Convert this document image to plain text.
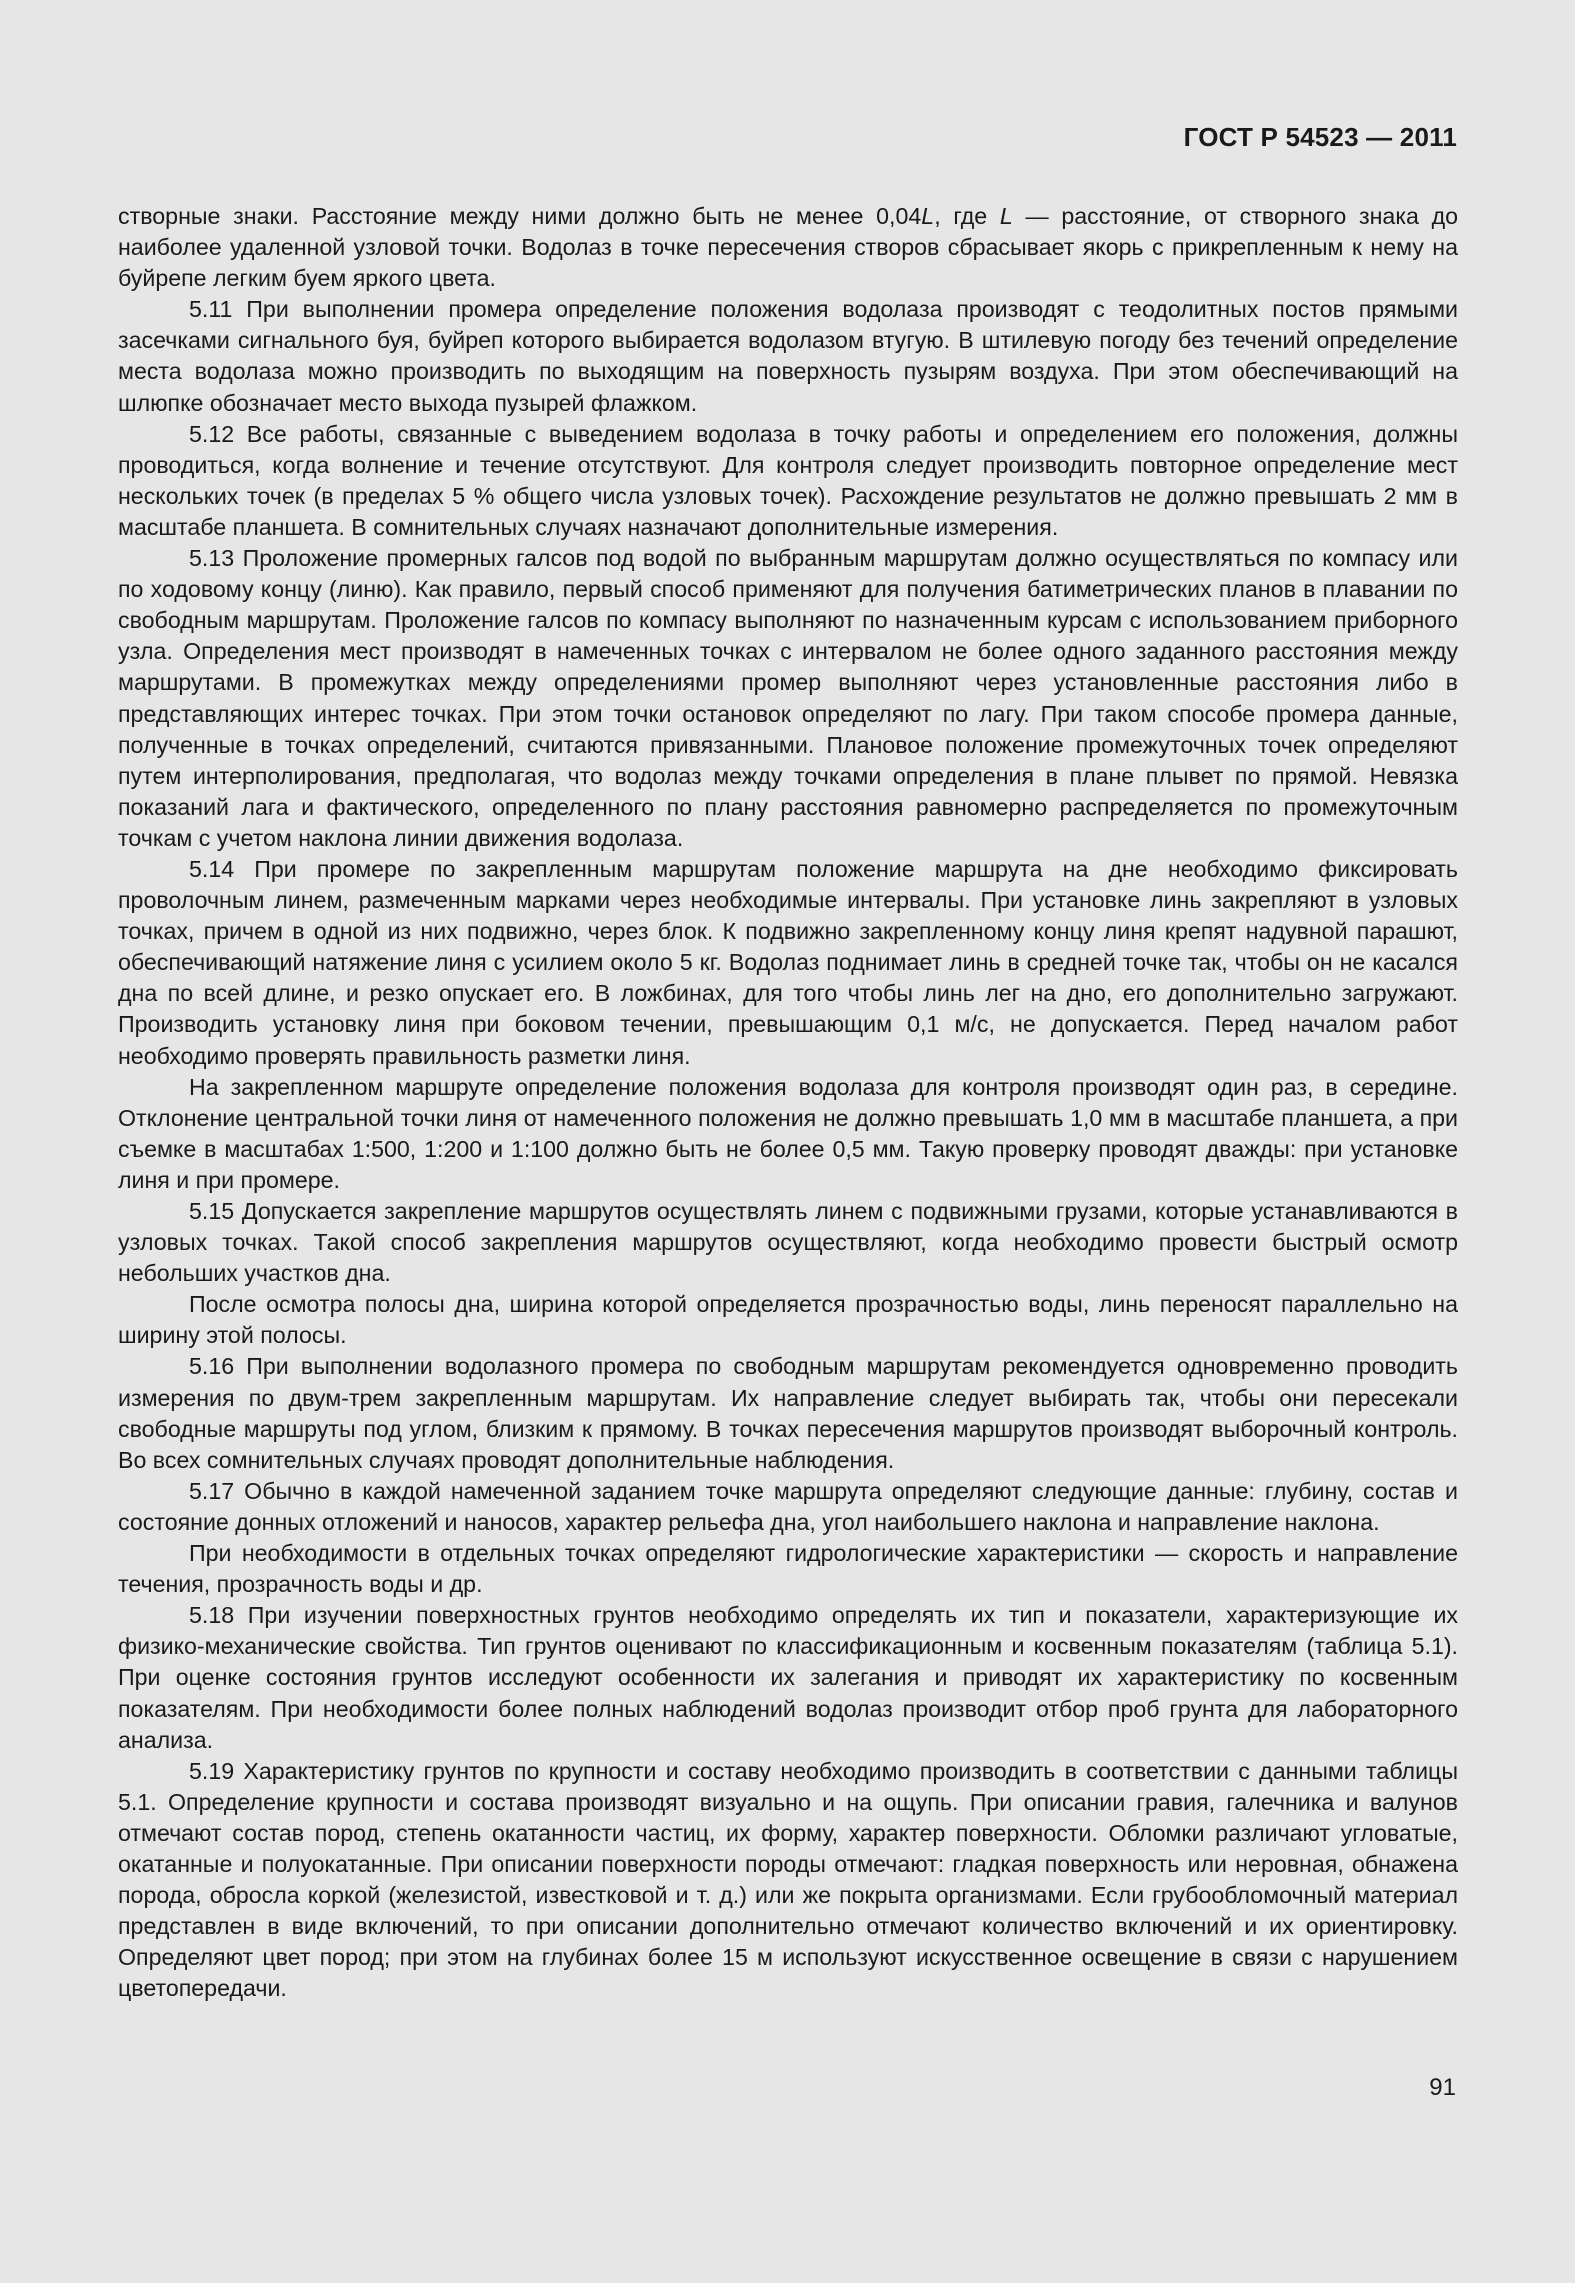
ГОСТ Р 54523 — 2011

створные знаки. Расстояние между ними должно быть не менее 0,04L, где L — расстояние, от створного знака до наиболее удаленной узловой точки. Водолаз в точке пересечения створов сбрасывает якорь с прикрепленным к нему на буйрепе легким буем яркого цвета.

5.11 При выполнении промера определение положения водолаза производят с теодолитных постов прямыми засечками сигнального буя, буйреп которого выбирается водолазом втугую. В штилевую погоду без течений определение места водолаза можно производить по выходящим на поверхность пузырям воздуха. При этом обеспечивающий на шлюпке обозначает место выхода пузырей флажком.

5.12 Все работы, связанные с выведением водолаза в точку работы и определением его положения, должны проводиться, когда волнение и течение отсутствуют. Для контроля следует производить повторное определение мест нескольких точек (в пределах 5 % общего числа узловых точек). Расхождение результатов не должно превышать 2 мм в масштабе планшета. В сомнительных случаях назначают дополнительные измерения.

5.13 Проложение промерных галсов под водой по выбранным маршрутам должно осуществляться по компасу или по ходовому концу (линю). Как правило, первый способ применяют для получения батиметрических планов в плавании по свободным маршрутам. Проложение галсов по компасу выполняют по назначенным курсам с использованием приборного узла. Определения мест производят в намеченных точках с интервалом не более одного заданного расстояния между маршрутами. В промежутках между определениями промер выполняют через установленные расстояния либо в представляющих интерес точках. При этом точки остановок определяют по лагу. При таком способе промера данные, полученные в точках определений, считаются привязанными. Плановое положение промежуточных точек определяют путем интерполирования, предполагая, что водолаз между точками определения в плане плывет по прямой. Невязка показаний лага и фактического, определенного по плану расстояния равномерно распределяется по промежуточным точкам с учетом наклона линии движения водолаза.

5.14 При промере по закрепленным маршрутам положение маршрута на дне необходимо фиксировать проволочным линем, размеченным марками через необходимые интервалы. При установке линь закрепляют в узловых точках, причем в одной из них подвижно, через блок. К подвижно закрепленному концу линя крепят надувной парашют, обеспечивающий натяжение линя с усилием около 5 кг. Водолаз поднимает линь в средней точке так, чтобы он не касался дна по всей длине, и резко опускает его. В ложбинах, для того чтобы линь лег на дно, его дополнительно загружают. Производить установку линя при боковом течении, превышающим 0,1 м/с, не допускается. Перед началом работ необходимо проверять правильность разметки линя.

На закрепленном маршруте определение положения водолаза для контроля производят один раз, в середине. Отклонение центральной точки линя от намеченного положения не должно превышать 1,0 мм в масштабе планшета, а при съемке в масштабах 1:500, 1:200 и 1:100 должно быть не более 0,5 мм. Такую проверку проводят дважды: при установке линя и при промере.

5.15 Допускается закрепление маршрутов осуществлять линем с подвижными грузами, которые устанавливаются в узловых точках. Такой способ закрепления маршрутов осуществляют, когда необходимо провести быстрый осмотр небольших участков дна.

После осмотра полосы дна, ширина которой определяется прозрачностью воды, линь переносят параллельно на ширину этой полосы.

5.16 При выполнении водолазного промера по свободным маршрутам рекомендуется одновременно проводить измерения по двум-трем закрепленным маршрутам. Их направление следует выбирать так, чтобы они пересекали свободные маршруты под углом, близким к прямому. В точках пересечения маршрутов производят выборочный контроль. Во всех сомнительных случаях проводят дополнительные наблюдения.

5.17 Обычно в каждой намеченной заданием точке маршрута определяют следующие данные: глубину, состав и состояние донных отложений и наносов, характер рельефа дна, угол наибольшего наклона и направление наклона.

При необходимости в отдельных точках определяют гидрологические характеристики — скорость и направление течения, прозрачность воды и др.

5.18 При изучении поверхностных грунтов необходимо определять их тип и показатели, характеризующие их физико-механические свойства. Тип грунтов оценивают по классификационным и косвенным показателям (таблица 5.1). При оценке состояния грунтов исследуют особенности их залегания и приводят их характеристику по косвенным показателям. При необходимости более полных наблюдений водолаз производит отбор проб грунта для лабораторного анализа.

5.19 Характеристику грунтов по крупности и составу необходимо производить в соответствии с данными таблицы 5.1. Определение крупности и состава производят визуально и на ощупь. При описании гравия, галечника и валунов отмечают состав пород, степень окатанности частиц, их форму, характер поверхности. Обломки различают угловатые, окатанные и полуокатанные. При описании поверхности породы отмечают: гладкая поверхность или неровная, обнажена порода, обросла коркой (железистой, известковой и т. д.) или же покрыта организмами. Если грубообломочный материал представлен в виде включений, то при описании дополнительно отмечают количество включений и их ориентировку. Определяют цвет пород; при этом на глубинах более 15 м используют искусственное освещение в связи с нарушением цветопередачи.

91
